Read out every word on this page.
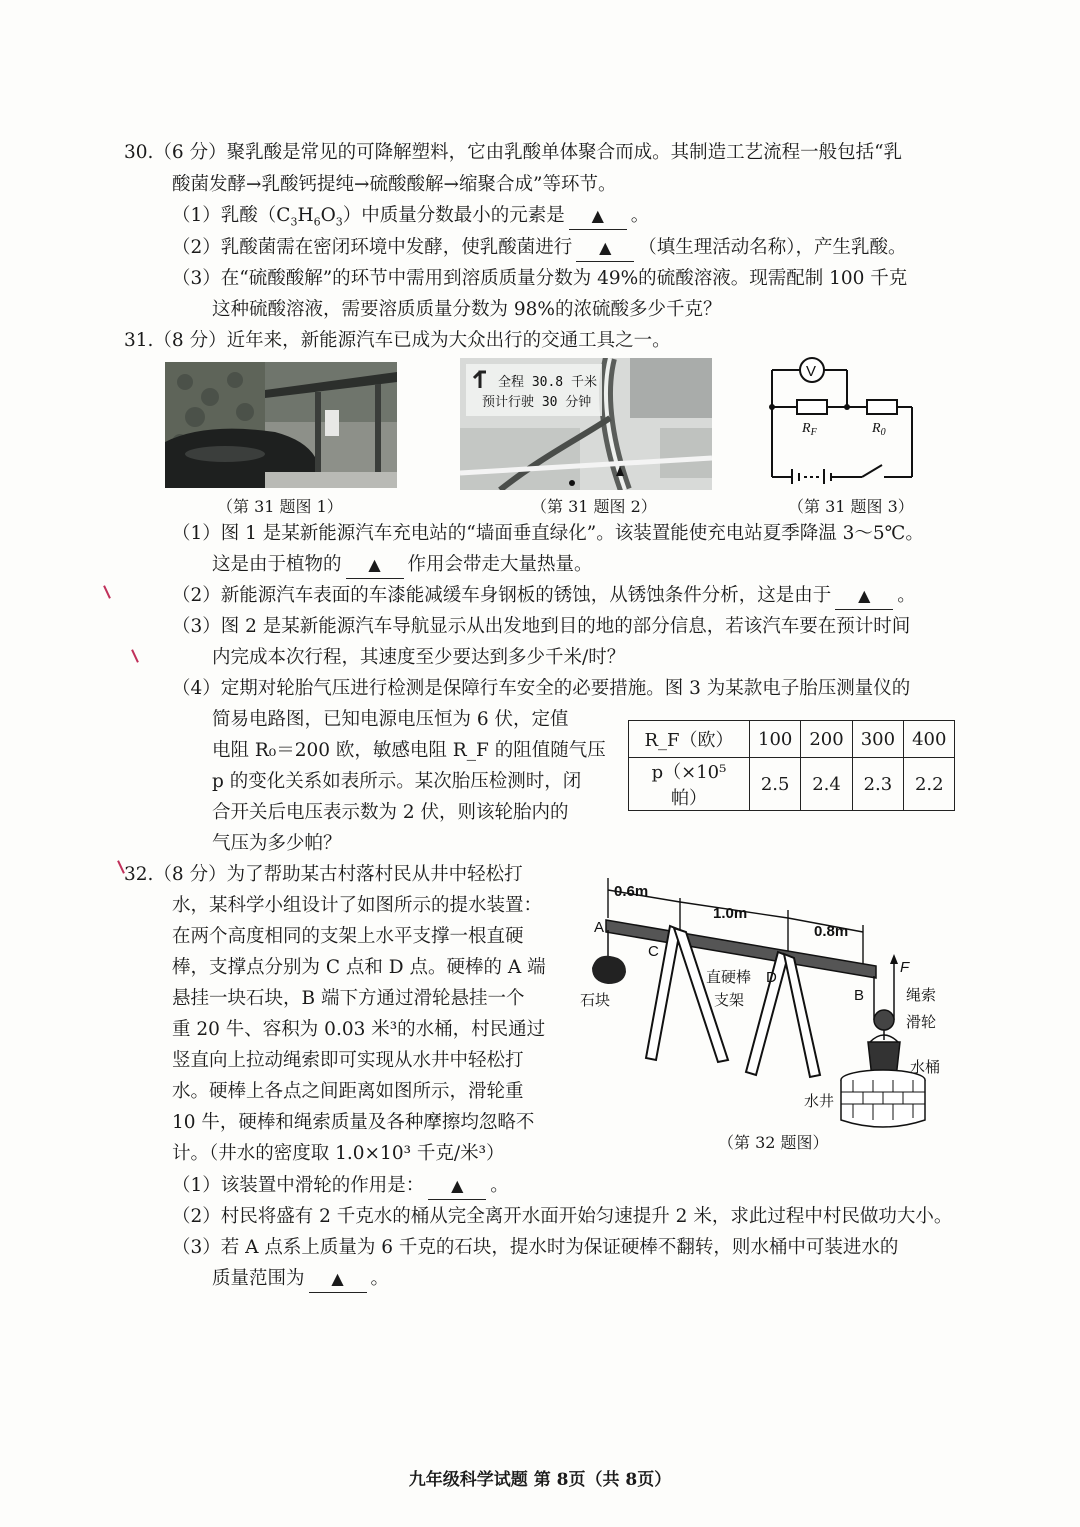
30.（6 分）聚乳酸是常见的可降解塑料，它由乳酸单体聚合而成。其制造工艺流程一般包括“乳
酸菌发酵→乳酸钙提纯→硫酸酸解→缩聚合成”等环节。
（1）乳酸$(C_3H_6O_3)$中质量分数最小的元素是 ▲ 。
（2）乳酸菌需在密闭环境中发酵，使乳酸菌进行 ▲ （填生理活动名称），产生乳酸。
（3）在“硫酸酸解”的环节中需用到溶质质量分数为 49%的硫酸溶液。现需配制 100 千克
这种硫酸溶液，需要溶质质量分数为 98%的浓硫酸多少千克？
31.（8 分）近年来，新能源汽车已成为大众出行的交通工具之一。
（第 31 题图 1）
全程 30.8 千米
预计行驶 30 分钟
（第 31 题图 2）
V
$R_F$	$R_0$
（第 31 题图 3）
（1）图 1 是某新能源汽车充电站的“墙面垂直绿化”。该装置能使充电站夏季降温 3～5℃。
这是由于植物的 ▲ 作用会带走大量热量。
（2）新能源汽车表面的车漆能减缓车身钢板的锈蚀，从锈蚀条件分析，这是由于 ▲ 。
（3）图 2 是某新能源汽车导航显示从出发地到目的地的部分信息，若该汽车要在预计时间
内完成本次行程，其速度至少要达到多少千米/时？
（4）定期对轮胎气压进行检测是保障行车安全的必要措施。图 3 为某款电子胎压测量仪的
简易电路图，已知电源电压恒为 6 伏，定值
电阻 R₀＝200 欧，敏感电阻 R_F 的阻值随气压
p 的变化关系如表所示。某次胎压检测时，闭
合开关后电压表示数为 2 伏，则该轮胎内的
气压为多少帕？
R_F（欧）	100	200	300	400
p（×10⁵ 帕）	2.5	2.4	2.3	2.2
32.（8 分）为了帮助某古村落村民从井中轻松打
水，某科学小组设计了如图所示的提水装置：
在两个高度相同的支架上水平支撑一根直硬
棒，支撑点分别为 C 点和 D 点。硬棒的 A 端
悬挂一块石块，B 端下方通过滑轮悬挂一个
重 20 牛、容积为 0.03 米³的水桶，村民通过
竖直向上拉动绳索即可实现从水井中轻松打
水。硬棒上各点之间距离如图所示，滑轮重
10 牛，硬棒和绳索质量及各种摩擦均忽略不
计。（井水的密度取 1.0×10³ 千克/米³）
0.6m
1.0m
0.8m
A
C
D
B
F
石块
直硬棒
支架	绳索
滑轮
水桶
水井
（第 32 题图）
（1）该装置中滑轮的作用是： ▲ 。
（2）村民将盛有 2 千克水的桶从完全离开水面开始匀速提升 2 米，求此过程中村民做功大小。
（3）若 A 点系上质量为 6 千克的石块，提水时为保证硬棒不翻转，则水桶中可装进水的
质量范围为 ▲ 。
九年级科学试题 第 8页（共 8页）
